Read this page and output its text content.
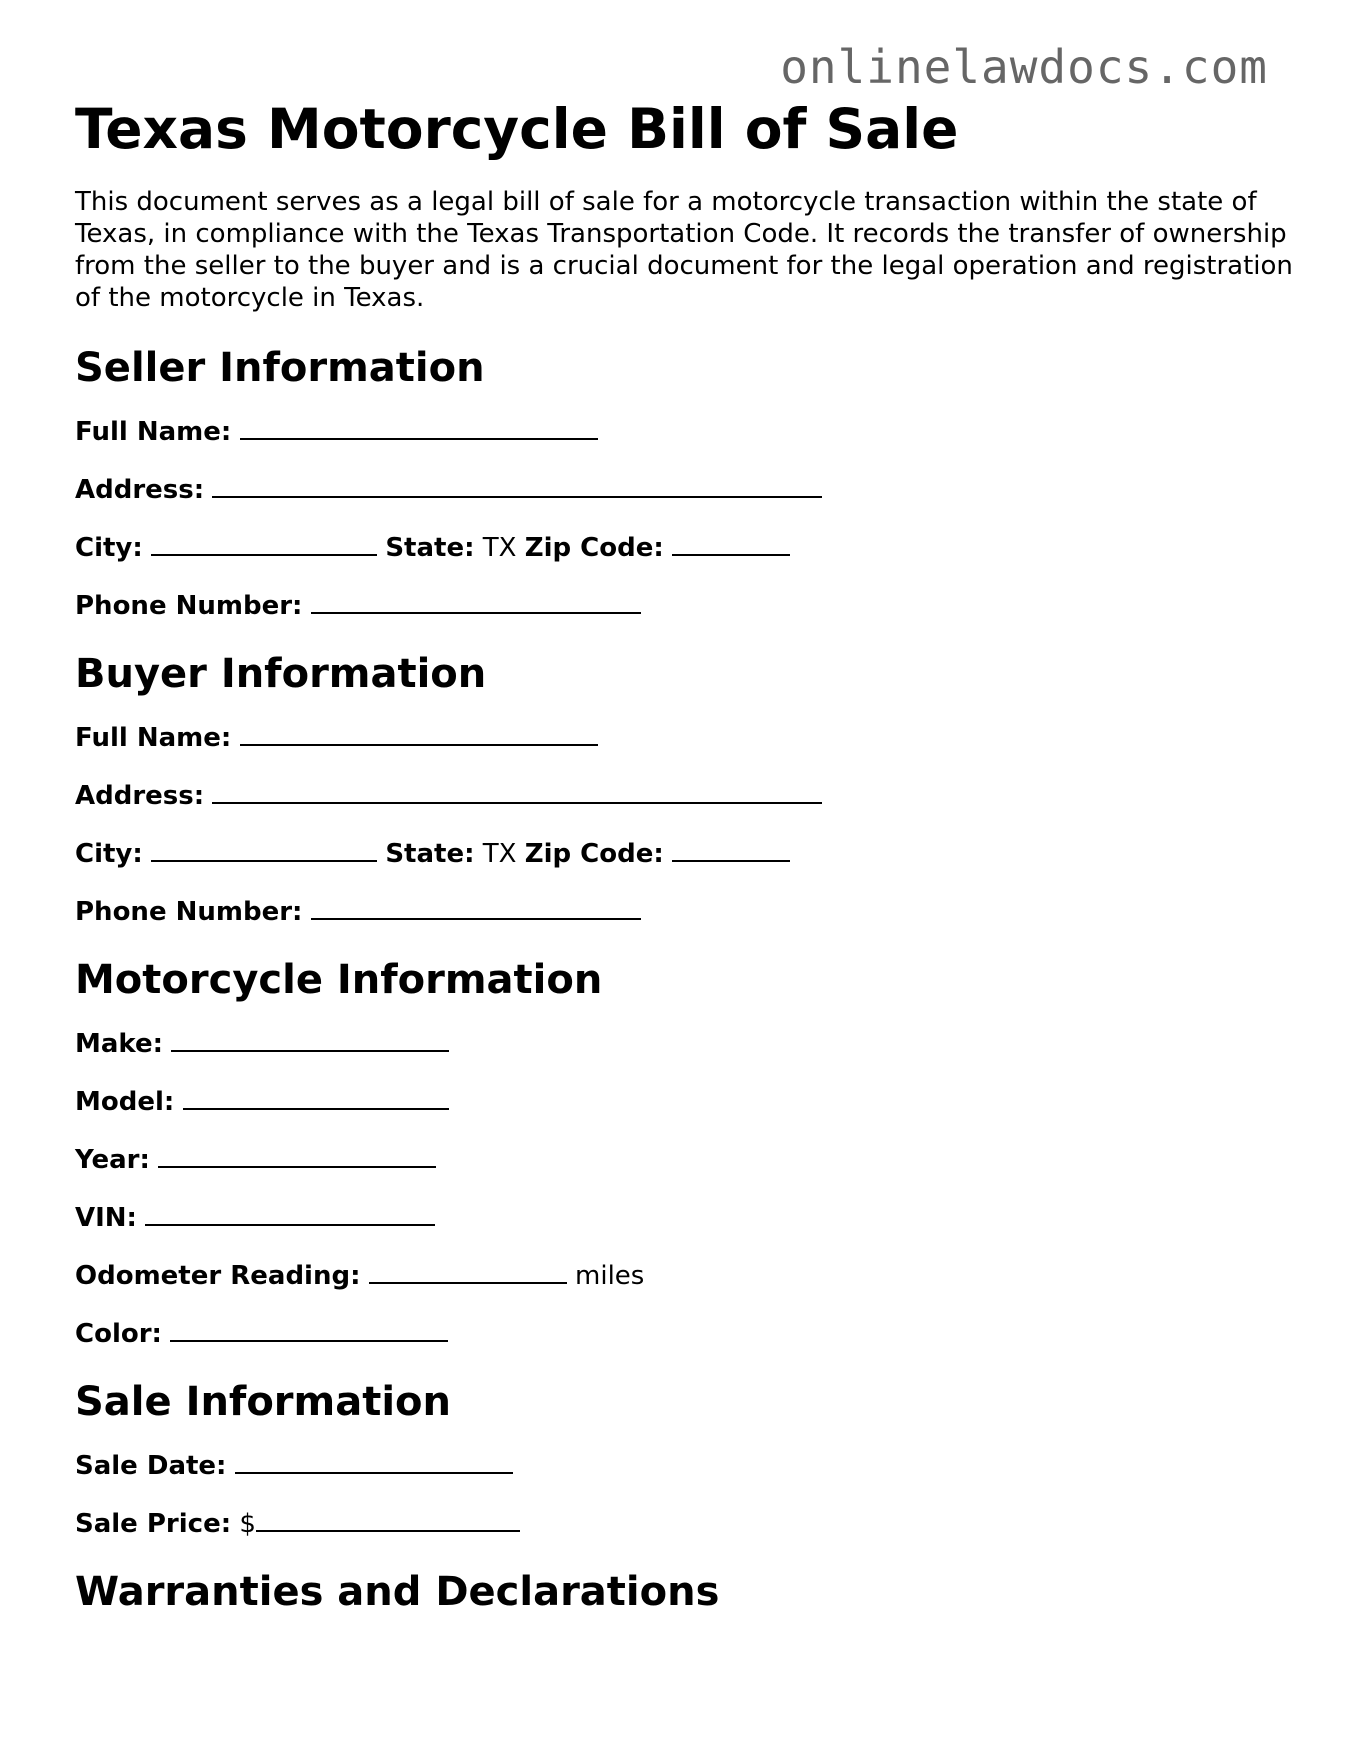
onlinelawdocs.com
Texas Motorcycle Bill of Sale

This document serves as a legal bill of sale for a motorcycle transaction within the state of Texas, in compliance with the Texas Transportation Code. It records the transfer of ownership from the seller to the buyer and is a crucial document for the legal operation and registration of the motorcycle in Texas.

Seller Information
Full Name:
Address:
City:	State: TX Zip Code:
Phone Number:
Buyer Information
Full Name:
Address:
City:	State: TX Zip Code:
Phone Number:
Motorcycle Information
Make:
Model:
Year:
VIN:
Odometer Reading:	miles
Color:
Sale Information
Sale Date:
Sale Price: $
Warranties and Declarations
